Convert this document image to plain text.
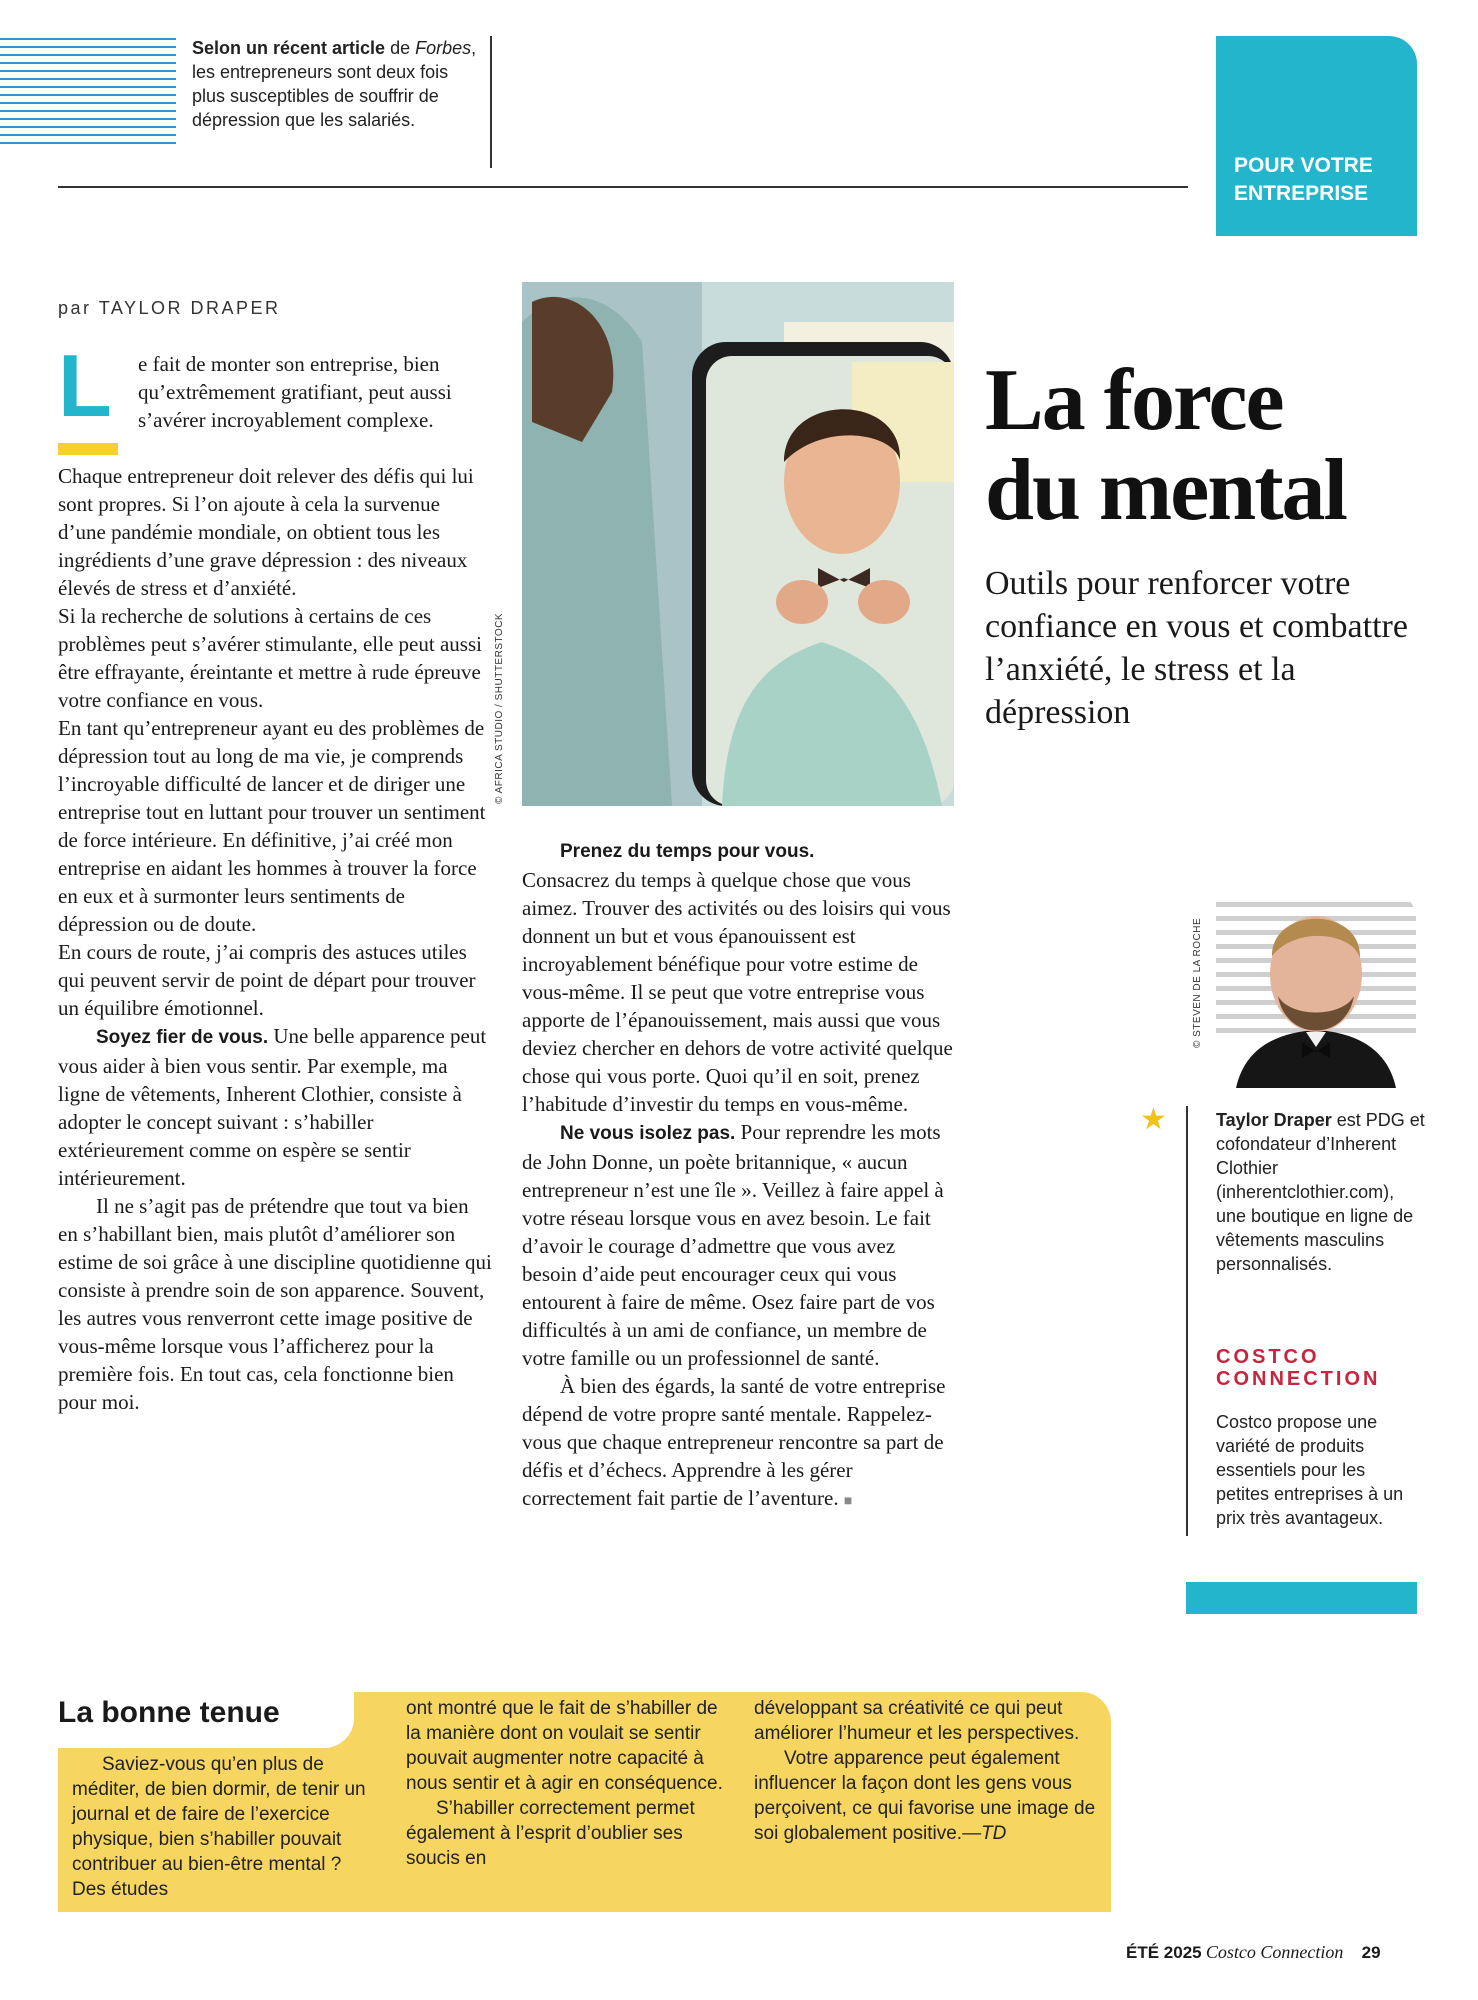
Selon un récent article de Forbes, les entrepreneurs sont deux fois plus susceptibles de souffrir de dépression que les salariés.
POUR VOTRE ENTREPRISE
par TAYLOR DRAPER
L e fait de monter son entreprise, bien qu’extrêmement gratifiant, peut aussi s’avérer incroyablement complexe.

Chaque entrepreneur doit relever des défis qui lui sont propres. Si l’on ajoute à cela la survenue d’une pandémie mondiale, on obtient tous les ingrédients d’une grave dépression : des niveaux élevés de stress et d’anxiété.

Si la recherche de solutions à certains de ces problèmes peut s’avérer stimulante, elle peut aussi être effrayante, éreintante et mettre à rude épreuve votre confiance en vous.

En tant qu’entrepreneur ayant eu des problèmes de dépression tout au long de ma vie, je comprends l’incroyable difficulté de lancer et de diriger une entreprise tout en luttant pour trouver un sentiment de force intérieure. En définitive, j’ai créé mon entreprise en aidant les hommes à trouver la force en eux et à surmonter leurs sentiments de dépression ou de doute.

En cours de route, j’ai compris des astuces utiles qui peuvent servir de point de départ pour trouver un équilibre émotionnel.

Soyez fier de vous. Une belle apparence peut vous aider à bien vous sentir. Par exemple, ma ligne de vêtements, Inherent Clothier, consiste à adopter le concept suivant : s’habiller extérieurement comme on espère se sentir intérieurement.

Il ne s’agit pas de prétendre que tout va bien en s’habillant bien, mais plutôt d’améliorer son estime de soi grâce à une discipline quotidienne qui consiste à prendre soin de son apparence. Souvent, les autres vous renverront cette image positive de vous-même lorsque vous l’afficherez pour la première fois. En tout cas, cela fonctionne bien pour moi.

© AFRICA STUDIO / SHUTTERSTOCK

Prenez du temps pour vous.

Consacrez du temps à quelque chose que vous aimez. Trouver des activités ou des loisirs qui vous donnent un but et vous épanouissent est incroyablement bénéfique pour votre estime de vous-même. Il se peut que votre entreprise vous apporte de l’épanouissement, mais aussi que vous deviez chercher en dehors de votre activité quelque chose qui vous porte. Quoi qu’il en soit, prenez l’habitude d’investir du temps en vous-même.

Ne vous isolez pas. Pour reprendre les mots de John Donne, un poète britannique, « aucun entrepreneur n’est une île ». Veillez à faire appel à votre réseau lorsque vous en avez besoin. Le fait d’avoir le courage d’admettre que vous avez besoin d’aide peut encourager ceux qui vous entourent à faire de même. Osez faire part de vos difficultés à un ami de confiance, un membre de votre famille ou un professionnel de santé.

À bien des égards, la santé de votre entreprise dépend de votre propre santé mentale. Rappelez-vous que chaque entrepreneur rencontre sa part de défis et d’échecs. Apprendre à les gérer correctement fait partie de l’aventure. ■

La force
du mental
Outils pour renforcer votre confiance en vous et combattre l’anxiété, le stress et la dépression
© STEVEN DE LA ROCHE
★	Taylor Draper est PDG et cofondateur d’Inherent Clothier (inherentclothier.com), une boutique en ligne de vêtements masculins personnalisés.
COSTCO CONNECTION
Costco propose une variété de produits essentiels pour les petites entreprises à un prix très avantageux.
La bonne tenue

Saviez-vous qu’en plus de méditer, de bien dormir, de tenir un journal et de faire de l’exercice physique, bien s’habiller pouvait contribuer au bien-être mental ? Des études

ont montré que le fait de s’habiller de la manière dont on voulait se sentir pouvait augmenter notre capacité à nous sentir et à agir en conséquence.

S’habiller correctement permet également à l’esprit d’oublier ses soucis en

développant sa créativité ce qui peut améliorer l’humeur et les perspectives.

Votre apparence peut également influencer la façon dont les gens vous perçoivent, ce qui favorise une image de soi globalement positive.—TD

ÉTÉ 2025 Costco Connection 29
